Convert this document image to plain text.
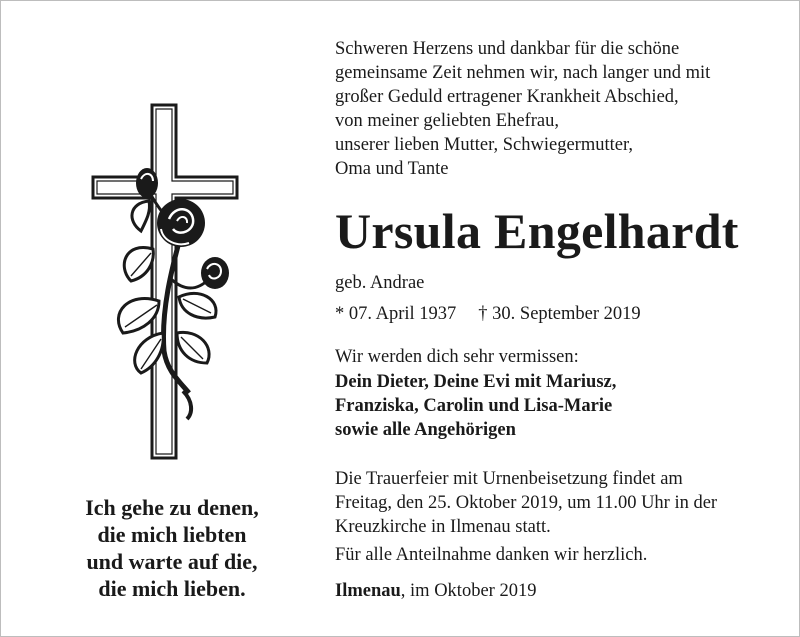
Ich gehe zu denen,
die mich liebten
und warte auf die,
die mich lieben.
Schweren Herzens und dankbar für die schöne
gemeinsame Zeit nehmen wir, nach langer und mit
großer Geduld ertragener Krankheit Abschied,
von meiner geliebten Ehefrau,
unserer lieben Mutter, Schwiegermutter,
Oma und Tante
Ursula Engelhardt
geb. Andrae
* 07. April 1937 † 30. September 2019
Wir werden dich sehr vermissen:
Dein Dieter, Deine Evi mit Mariusz,
Franziska, Carolin und Lisa-Marie
sowie alle Angehörigen
Die Trauerfeier mit Urnenbeisetzung findet am
Freitag, den 25. Oktober 2019, um 11.00 Uhr in der
Kreuzkirche in Ilmenau statt.
Für alle Anteilnahme danken wir herzlich.
Ilmenau, im Oktober 2019
